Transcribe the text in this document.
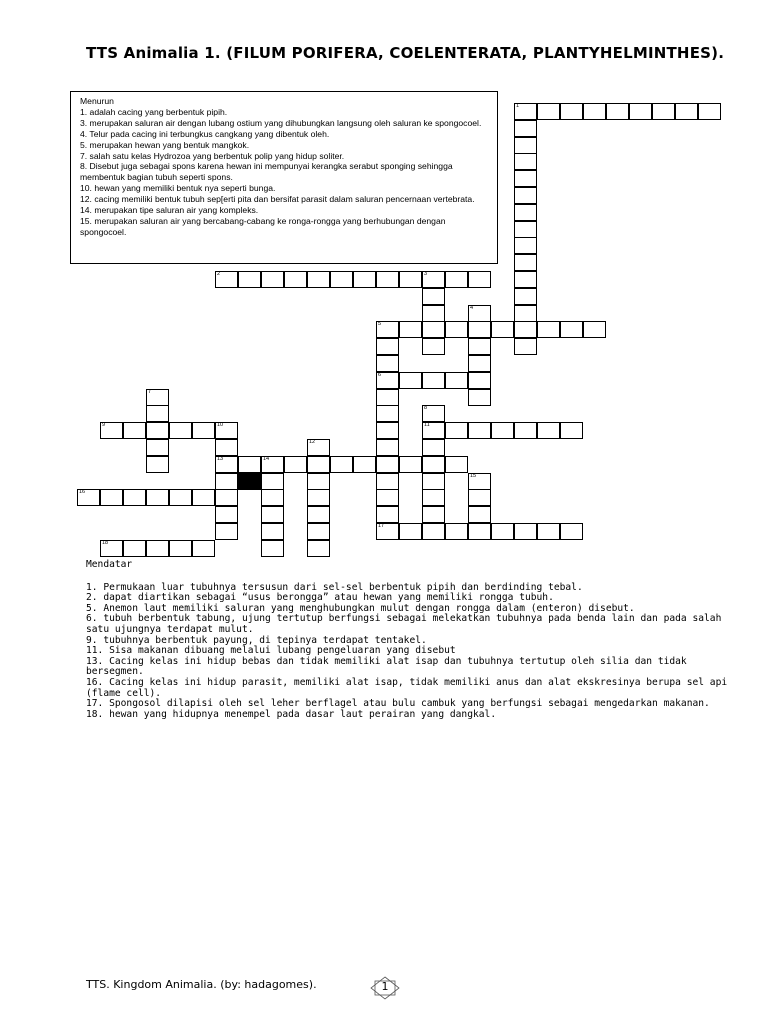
TTS Animalia 1. (FILUM PORIFERA, COELENTERATA, PLANTYHELMINTHES).
Menurun
1. adalah cacing yang berbentuk pipih.
3. merupakan saluran air dengan lubang ostium yang dihubungkan langsung oleh saluran ke spongocoel.
4. Telur pada cacing ini terbungkus cangkang yang dibentuk oleh.
5. merupakan hewan yang bentuk mangkok.
7. salah satu kelas Hydrozoa yang berbentuk polip yang hidup soliter.
8. Disebut juga sebagai spons karena hewan ini mempunyai kerangka serabut sponging sehingga membentuk bagian tubuh seperti spons.
10. hewan yang memiliki bentuk nya seperti bunga.
12. cacing memiliki bentuk tubuh sep[erti pita dan bersifat parasit dalam saluran pencernaan vertebrata.
14. merupakan tipe saluran air yang kompleks.
15. merupakan saluran air yang bercabang-cabang ke ronga-rongga yang berhubungan dengan spongocoel.
1
2	3
4
5
6
7
8
11
9	10
13
12
14
15
16
17
18
Mendatar
1. Permukaan luar tubuhnya tersusun dari sel-sel berbentuk pipih dan berdinding tebal.
2. dapat diartikan sebagai “usus berongga” atau hewan yang memiliki rongga tubuh.
5. Anemon laut memiliki saluran yang menghubungkan mulut dengan rongga dalam (enteron) disebut.
6. tubuh berbentuk tabung, ujung tertutup berfungsi sebagai melekatkan tubuhnya pada benda lain dan pada salah satu ujungnya terdapat mulut.
9. tubuhnya berbentuk payung, di tepinya terdapat tentakel.
11. Sisa makanan dibuang melalui lubang pengeluaran yang disebut
13. Cacing kelas ini hidup bebas dan tidak memiliki alat isap dan tubuhnya tertutup oleh silia dan tidak bersegmen.
16. Cacing kelas ini hidup parasit, memiliki alat isap, tidak memiliki anus dan alat ekskresinya berupa sel api (flame cell).
17. Spongosol dilapisi oleh sel leher berflagel atau bulu cambuk yang berfungsi sebagai mengedarkan makanan.
18. hewan yang hidupnya menempel pada dasar laut perairan yang dangkal.
TTS. Kingdom Animalia. (by: hadagomes).	1
